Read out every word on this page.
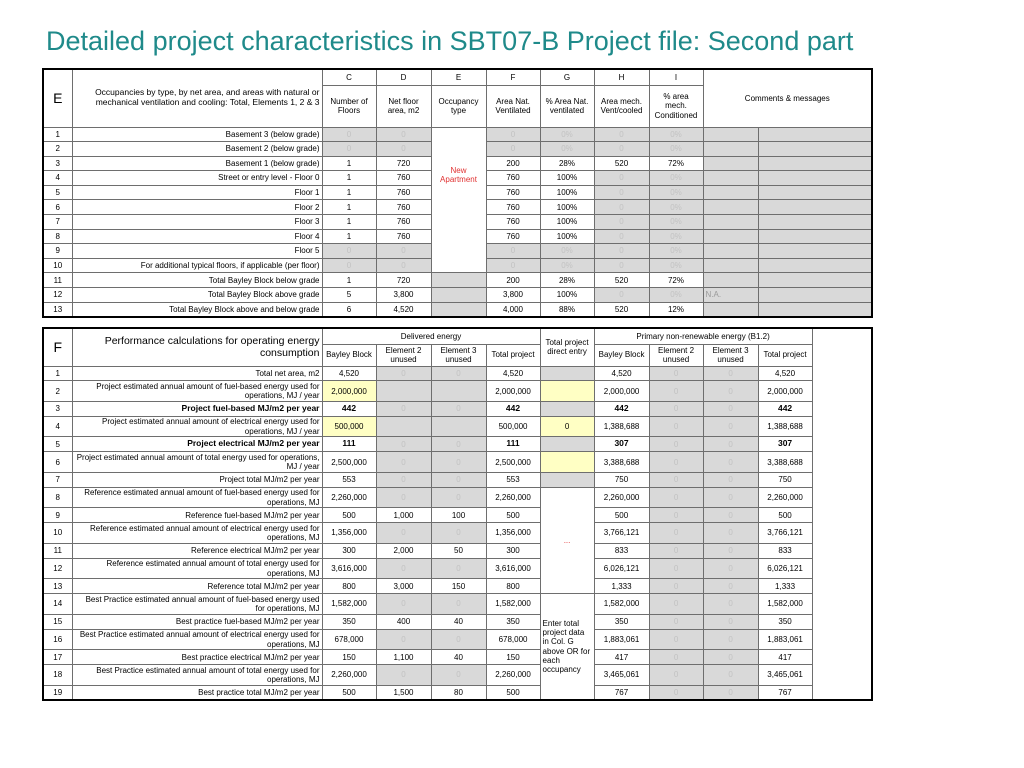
Detailed project characteristics in SBT07-B Project file: Second part
E	Occupancies by type, by net area, and areas with natural or mechanical ventilation and cooling: Total, Elements 1, 2 & 3	C	D	E	F	G	H	I	Comments & messages	
		Number of Floors	Net floor area, m2	Occupancy type	Area Nat. Ventilated	% Area Nat. ventilated	Area mech. Vent/cooled	% area mech. Conditioned		
1	Basement 3 (below grade)	0	0	New Apartment	0	0%	0	0%		
2	Basement 2 (below grade)	0	0		0	0%	0	0%		
3	Basement 1 (below grade)	1	720		200	28%	520	72%		
4	Street or entry level - Floor 0	1	760		760	100%	0	0%		
5	Floor 1	1	760		760	100%	0	0%		
6	Floor 2	1	760		760	100%	0	0%		
7	Floor 3	1	760		760	100%	0	0%		
8	Floor 4	1	760		760	100%	0	0%		
9	Floor 5	0	0		0	0%	0	0%		
10	For additional typical floors, if applicable (per floor)	0	0		0	0%	0	0%		
11	Total Bayley Block below grade	1	720		200	28%	520	72%		
12	Total Bayley Block above grade	5	3,800		3,800	100%	0	0%	N.A.	
13	Total Bayley Block above and below grade	6	4,520		4,000	88%	520	12%		
F	Performance calculations for operating energy consumption	Delivered energy				Total project direct entry	Primary non-renewable energy (B1.2)				
		Bayley Block	Element 2 unused	Element 3 unused	Total project		Bayley Block	Element 2 unused	Element 3 unused	Total project	
1	Total net area, m2	4,520	0	0	4,520		4,520	0	0	4,520	
2	Project estimated annual amount of fuel-based energy used for operations, MJ / year	2,000,000			2,000,000		2,000,000	0	0	2,000,000	
3	Project fuel-based MJ/m2 per year	442	0	0	442		442	0	0	442	
4	Project estimated annual amount of electrical energy used for operations, MJ / year	500,000			500,000	0	1,388,688	0	0	1,388,688	
5	Project electrical MJ/m2 per year	111	0	0	111		307	0	0	307	
6	Project estimated annual amount of total energy used for operations, MJ / year	2,500,000	0	0	2,500,000		3,388,688	0	0	3,388,688	
7	Project total MJ/m2 per year	553	0	0	553		750	0	0	750	
8	Reference estimated annual amount of fuel-based energy used for operations, MJ	2,260,000	0	0	2,260,000	...	2,260,000	0	0	2,260,000	
9	Reference fuel-based MJ/m2 per year	500	1,000	100	500		500	0	0	500	
10	Reference estimated annual amount of electrical energy used for operations, MJ	1,356,000	0	0	1,356,000		3,766,121	0	0	3,766,121	
11	Reference electrical MJ/m2 per year	300	2,000	50	300		833	0	0	833	
12	Reference estimated annual amount of total energy used for operations, MJ	3,616,000	0	0	3,616,000		6,026,121	0	0	6,026,121	
13	Reference total MJ/m2 per year	800	3,000	150	800		1,333	0	0	1,333	
14	Best Practice estimated annual amount of fuel-based energy used for operations, MJ	1,582,000	0	0	1,582,000	Enter total project data in Col. G above OR for each occupancy	1,582,000	0	0	1,582,000	
15	Best practice fuel-based MJ/m2 per year	350	400	40	350		350	0	0	350	
16	Best Practice estimated annual amount of electrical energy used for operations, MJ	678,000	0	0	678,000		1,883,061	0	0	1,883,061	
17	Best practice electrical MJ/m2 per year	150	1,100	40	150		417	0	0	417	
18	Best Practice estimated annual amount of total energy used for operations, MJ	2,260,000	0	0	2,260,000		3,465,061	0	0	3,465,061	
19	Best practice total MJ/m2 per year	500	1,500	80	500		767	0	0	767	
